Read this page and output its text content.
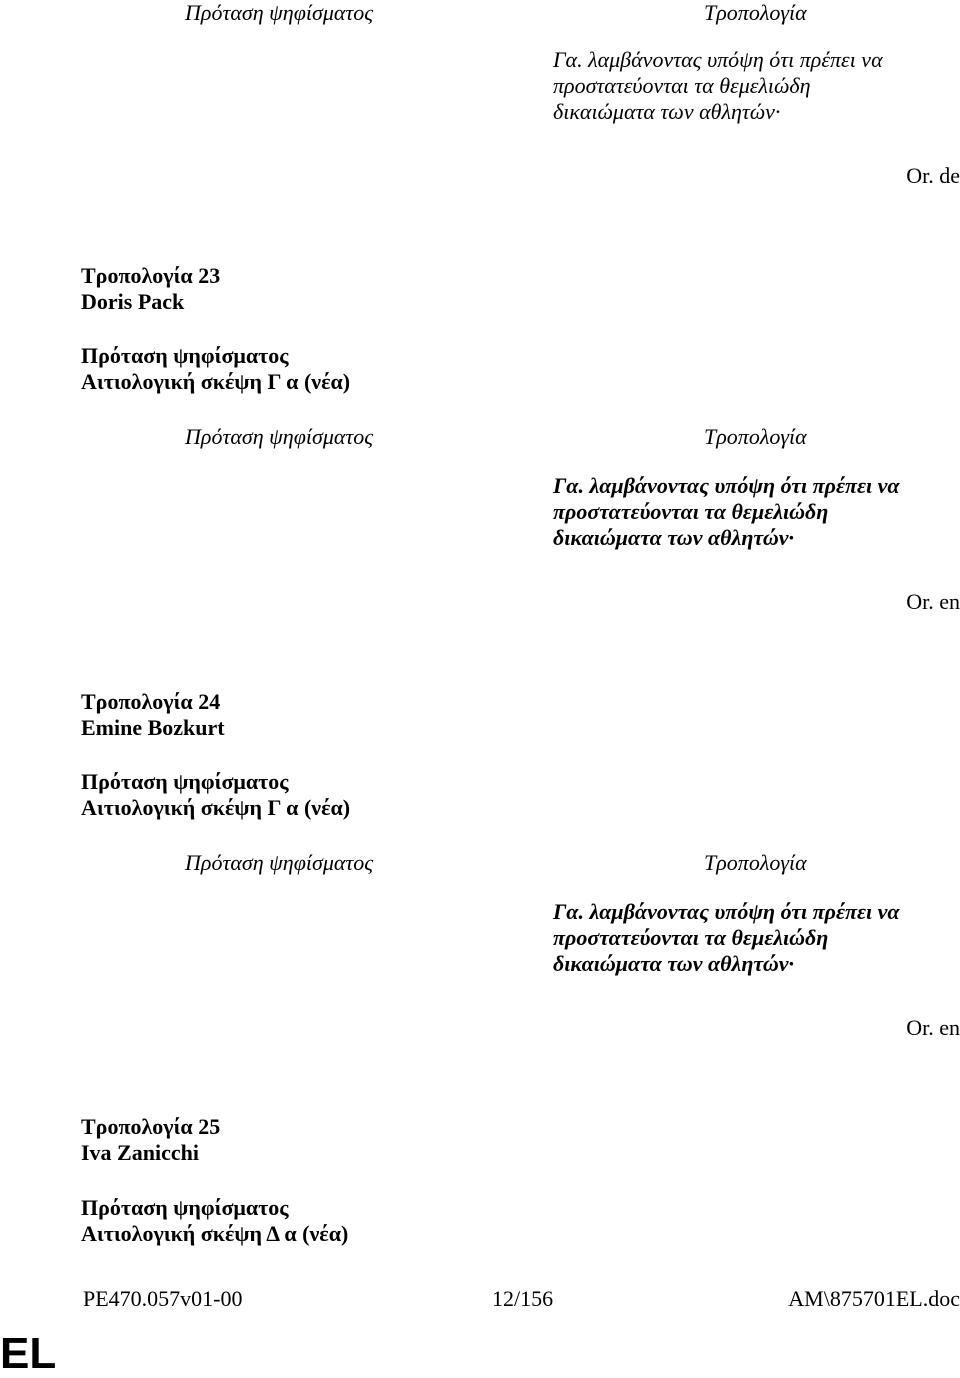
Πρόταση ψηφίσματος	Τροπολογία
Γα. λαμβάνοντας υπόψη ότι πρέπει να
προστατεύονται τα θεμελιώδη
δικαιώματα των αθλητών·
Or. de
Τροπολογία 23
Doris Pack
Πρόταση ψηφίσματος
Αιτιολογική σκέψη Γ α (νέα)
Πρόταση ψηφίσματος	Τροπολογία
Γα. λαμβάνοντας υπόψη ότι πρέπει να
προστατεύονται τα θεμελιώδη
δικαιώματα των αθλητών·
Or. en
Τροπολογία 24
Emine Bozkurt
Πρόταση ψηφίσματος
Αιτιολογική σκέψη Γ α (νέα)
Πρόταση ψηφίσματος	Τροπολογία
Γα. λαμβάνοντας υπόψη ότι πρέπει να
προστατεύονται τα θεμελιώδη
δικαιώματα των αθλητών·
Or. en
Τροπολογία 25
Iva Zanicchi
Πρόταση ψηφίσματος
Αιτιολογική σκέψη Δ α (νέα)
PE470.057v01-00	12/156	AM\875701EL.doc
EL
